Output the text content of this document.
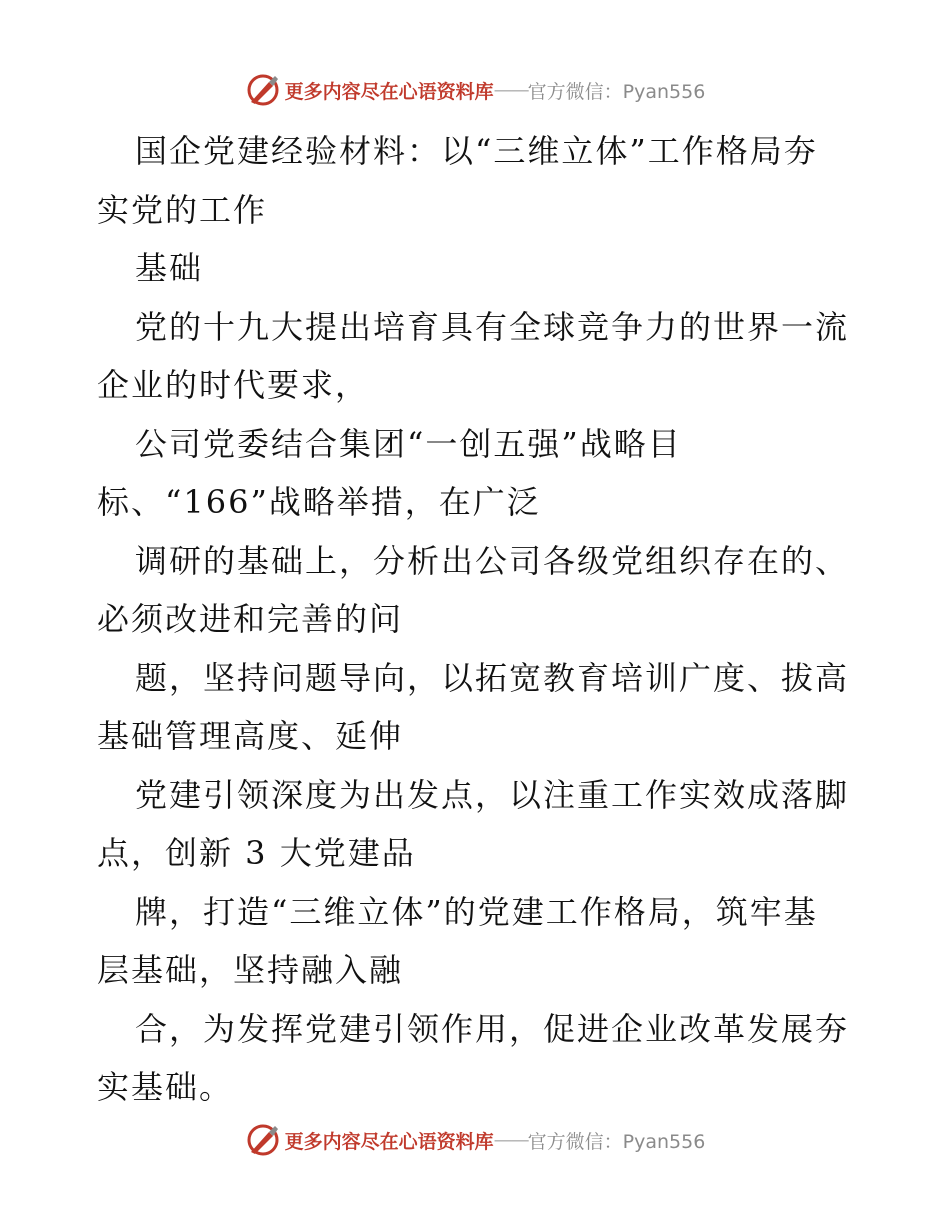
更多内容尽在心语资料库 —— 官方微信：Pyan556
国企党建经验材料：以“三维立体”工作格局夯
实党的工作
基础
党的十九大提出培育具有全球竞争力的世界一流
企业的时代要求，
公司党委结合集团“一创五强”战略目
标、“166”战略举措，在广泛
调研的基础上，分析出公司各级党组织存在的、
必须改进和完善的问
题，坚持问题导向，以拓宽教育培训广度、拔高
基础管理高度、延伸
党建引领深度为出发点，以注重工作实效成落脚
点，创新 3 大党建品
牌，打造“三维立体”的党建工作格局，筑牢基
层基础，坚持融入融
合，为发挥党建引领作用，促进企业改革发展夯
实基础。
更多内容尽在心语资料库 —— 官方微信：Pyan556
